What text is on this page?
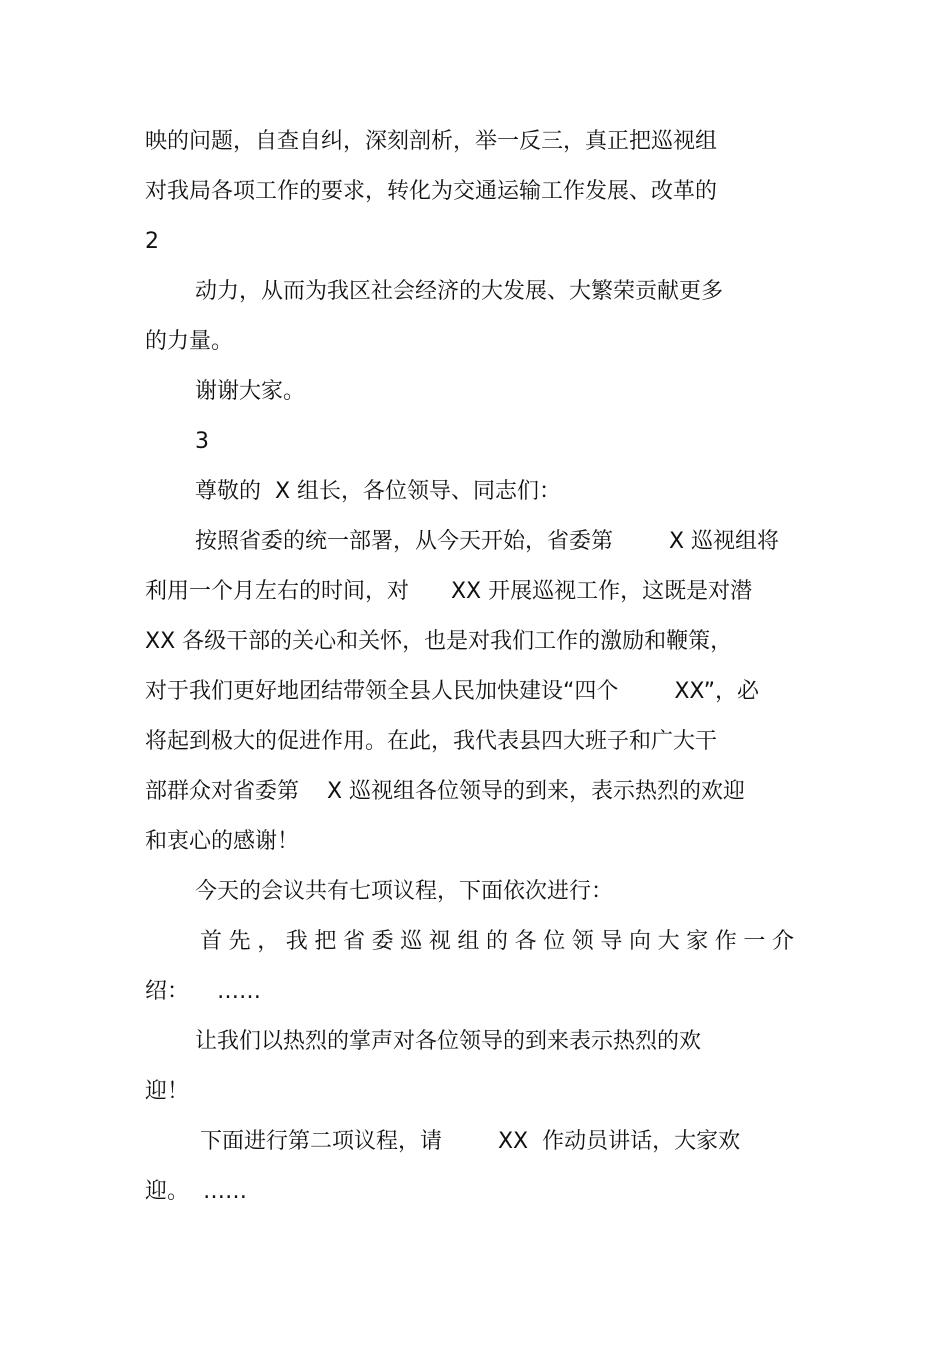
映的问题，自查自纠，深刻剖析，举一反三，真正把巡视组

对我局各项工作的要求，转化为交通运输工作发展、改革的

2

动力，从而为我区社会经济的大发展、大繁荣贡献更多

的力量。

谢谢大家。

3

尊敬的  X 组长，各位领导、同志们：

按照省委的统一部署，从今天开始，省委第        X 巡视组将

利用一个月左右的时间，对      XX 开展巡视工作，这既是对潜

XX 各级干部的关心和关怀，也是对我们工作的激励和鞭策，

对于我们更好地团结带领全县人民加快建设“四个        XX”，必

将起到极大的促进作用。在此，我代表县四大班子和广大干

部群众对省委第    X 巡视组各位领导的到来，表示热烈的欢迎

和衷心的感谢！

今天的会议共有七项议程，下面依次进行：

首先，我把省委巡视组的各位领导向大家作一介

绍：    ……

让我们以热烈的掌声对各位领导的到来表示热烈的欢

迎！

下面进行第二项议程，请        XX  作动员讲话，大家欢

迎。  ……
